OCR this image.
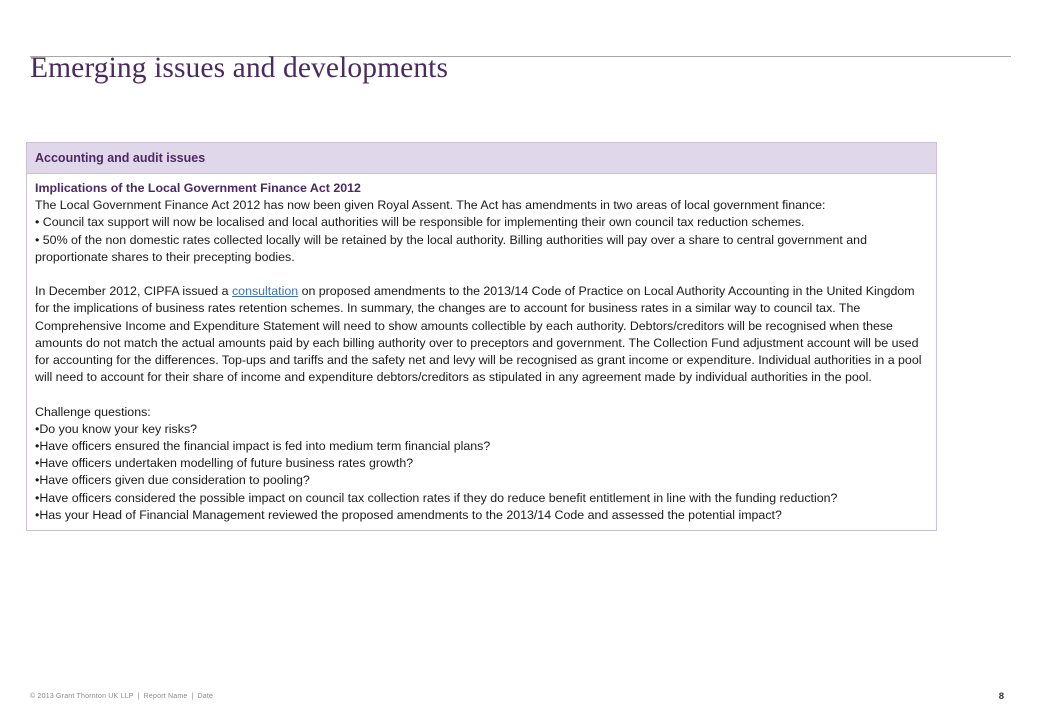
Emerging issues and developments
Accounting and audit issues

Implications of the Local Government Finance Act 2012

The Local Government Finance Act 2012 has now been given Royal Assent. The Act has amendments in two areas of local government finance:

• Council tax support will now be localised and local authorities will be responsible for implementing their own council tax reduction schemes.

• 50% of the non domestic rates collected locally will be retained by the local authority. Billing authorities will pay over a share to central government and proportionate shares to their precepting bodies.

In December 2012, CIPFA issued a consultation on proposed amendments to the 2013/14 Code of Practice on Local Authority Accounting in the United Kingdom for the implications of business rates retention schemes. In summary, the changes are to account for business rates in a similar way to council tax. The Comprehensive Income and Expenditure Statement will need to show amounts collectible by each authority. Debtors/creditors will be recognised when these amounts do not match the actual amounts paid by each billing authority over to preceptors and government. The Collection Fund adjustment account will be used for accounting for the differences. Top-ups and tariffs and the safety net and levy will be recognised as grant income or expenditure. Individual authorities in a pool will need to account for their share of income and expenditure debtors/creditors as stipulated in any agreement made by individual authorities in the pool.

Challenge questions:

•Do you know your key risks?

•Have officers ensured the financial impact is fed into medium term financial plans?

•Have officers undertaken modelling of future business rates growth?

•Have officers given due consideration to pooling?

•Have officers considered the possible impact on council tax collection rates if they do reduce benefit entitlement in line with the funding reduction?

•Has your Head of Financial Management reviewed the proposed amendments to the 2013/14 Code and assessed the potential impact?

© 2013 Grant Thornton UK LLP | Report Name | Date	8
